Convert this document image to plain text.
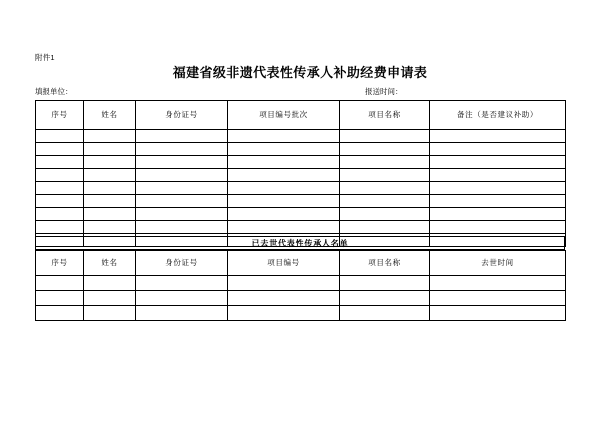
附件1
福建省级非遗代表性传承人补助经费申请表
填报单位：	报送时间：
序号	姓名	身份证号	项目编号批次	项目名称	备注（是否建议补助）

已去世代表性传承人名单
序号	姓名	身份证号	项目编号	项目名称	去世时间
